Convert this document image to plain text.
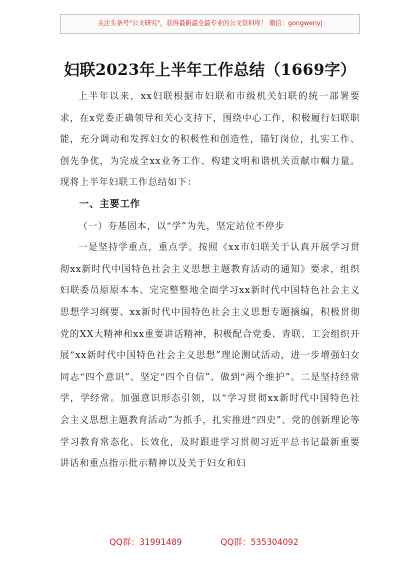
关注头条号"公文研究"，获得最新最全最专业的公文资料库！ 微信：gongwenyj
妇联2023年上半年工作总结（1669字）

上半年以来，xx妇联根据市妇联和市级机关妇联的统一部署要求，在x党委正确领导和关心支持下，围绕中心工作，积极履行妇联职能，充分调动和发挥妇女的积极性和创造性，锚钉岗位，扎实工作、创先争优，为完成全xx业务工作、构建文明和谐机关贡献巾帼力量。现将上半年妇联工作总结如下：

一、主要工作
（一）夯基固本，以“学”为先，坚定站位不停步

一是坚持学重点，重点学。按照《xx市妇联关于认真开展学习贯彻xx新时代中国特色社会主义思想主题教育活动的通知》要求，组织妇联委员原原本本、完完整整地全面学习xx新时代中国特色社会主义思想学习纲要、xx新时代中国特色社会主义思想专题摘编，积极贯彻党的XX大精神和xx重要讲话精神，积极配合党委、青联、工会组织开展“xx新时代中国特色社会主义思想”理论测试活动，进一步增强妇女同志“四个意识”、坚定“四个自信”、做到“两个维护”。二是坚持经常学，学经常。加强意识形态引领，以“学习贯彻xx新时代中国特色社会主义思想主题教育活动”为抓手，扎实推进“四史”、党的创新理论等学习教育常态化、长效化，及时跟进学习贯彻习近平总书记最新重要讲话和重点指示批示精神以及关于妇女和妇

QQ群：31991489	QQ群：535304092
